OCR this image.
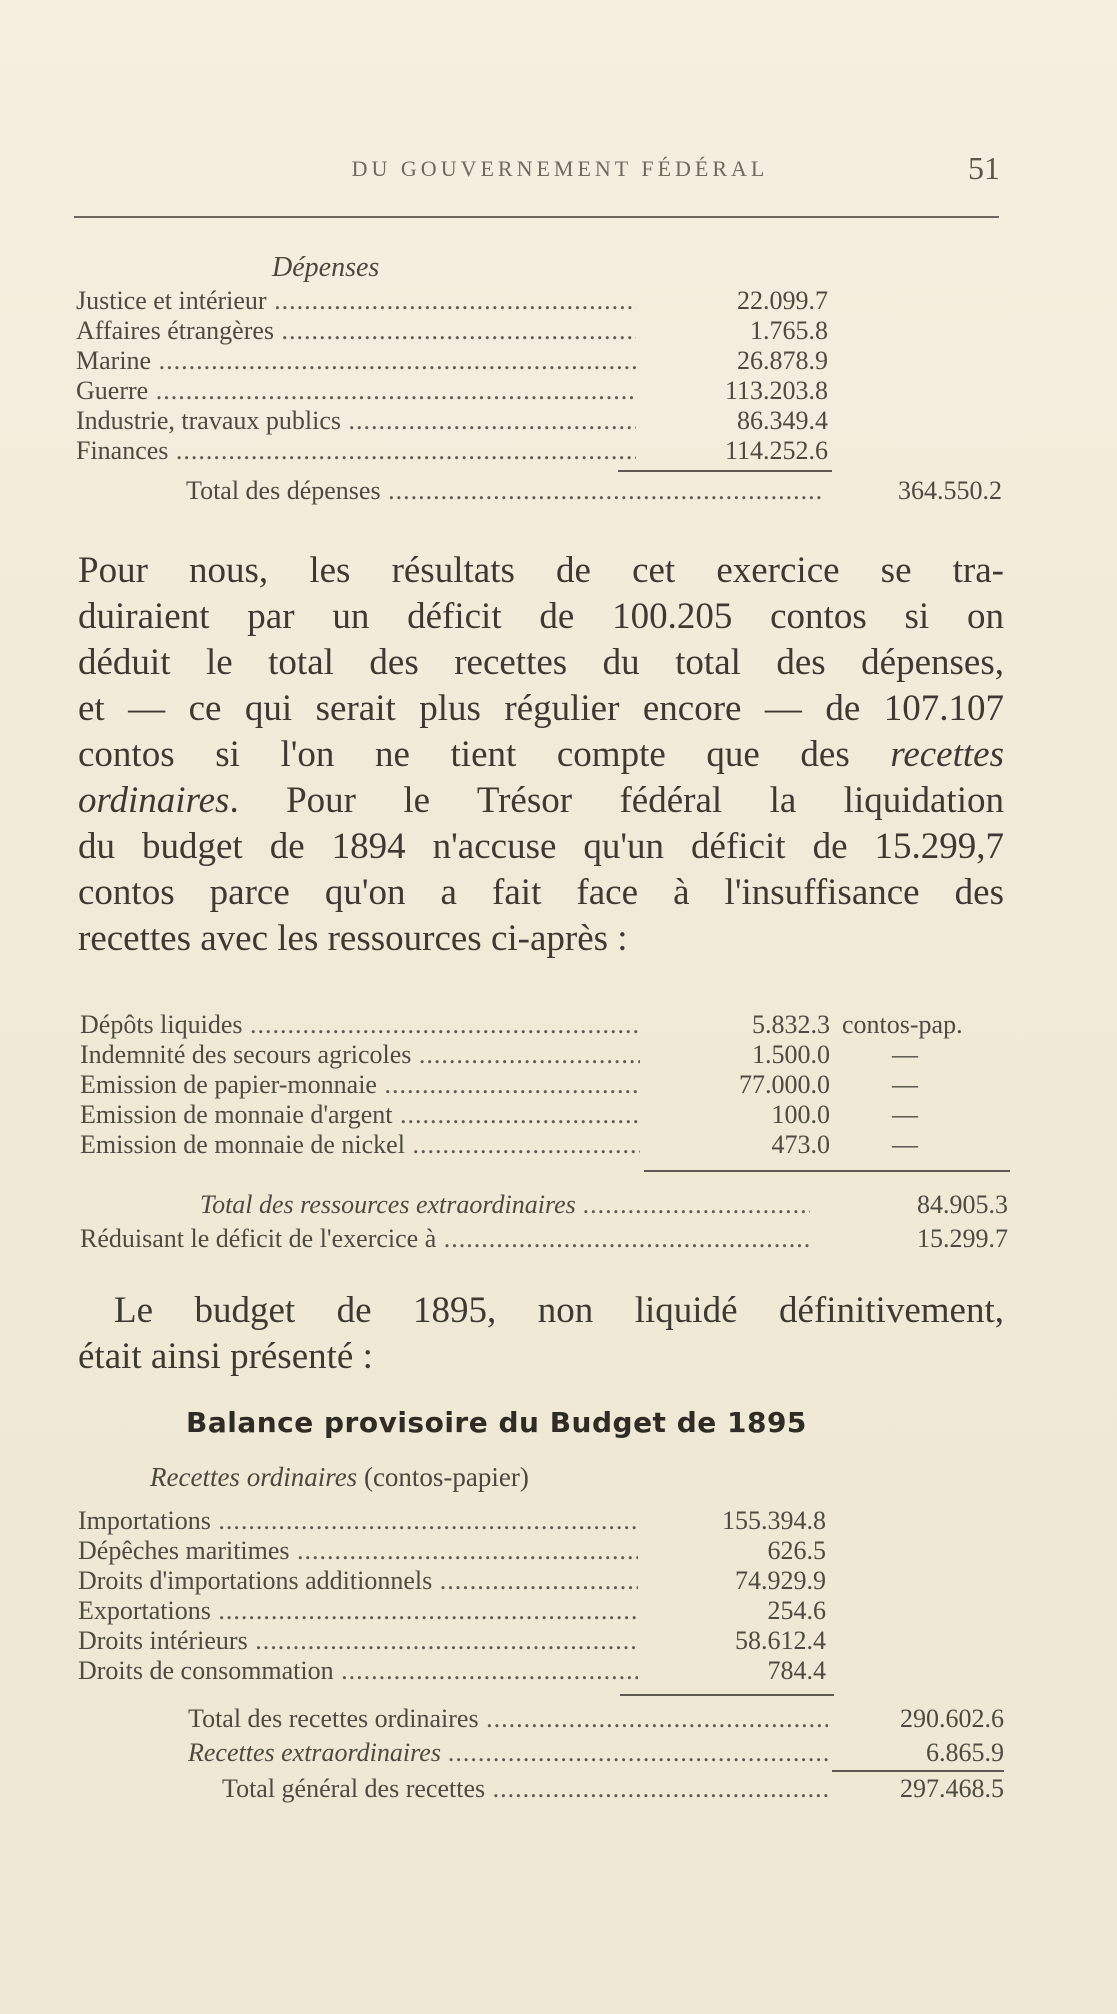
DU GOUVERNEMENT FÉDÉRAL	51
Dépenses
Justice et intérieur .....	22.099.7
Affaires étrangères .....	1.765.8
Marine .....	26.878.9
Guerre .....	113.203.8
Industrie, travaux publics .....	86.349.4
Finances .....	114.252.6
Total des dépenses .....	364.550.2
Pour nous, les résultats de cet exercice se tra-
duiraient par un déficit de 100.205 contos si on
déduit le total des recettes du total des dépenses,
et — ce qui serait plus régulier encore — de 107.107
contos si l'on ne tient compte que des recettes
ordinaires. Pour le Trésor fédéral la liquidation
du budget de 1894 n'accuse qu'un déficit de 15.299,7
contos parce qu'on a fait face à l'insuffisance des
recettes avec les ressources ci-après :
Dépôts liquides .....	5.832.3 contos-pap.
Indemnité des secours agricoles .....	1.500.0 —
Emission de papier-monnaie .....	77.000.0 —
Emission de monnaie d'argent .....	100.0 —
Emission de monnaie de nickel .....	473.0 —
Total des ressources extraordinaires .....	84.905.3
Réduisant le déficit de l'exercice à .....	15.299.7
Le budget de 1895, non liquidé définitivement,
était ainsi présenté :
Balance provisoire du Budget de 1895
Recettes ordinaires (contos-papier)
Importations .....	155.394.8
Dépêches maritimes .....	626.5
Droits d'importations additionnels .....	74.929.9
Exportations .....	254.6
Droits intérieurs .....	58.612.4
Droits de consommation .....	784.4
Total des recettes ordinaires .....	290.602.6
Recettes extraordinaires .....	6.865.9
Total général des recettes .....	297.468.5
